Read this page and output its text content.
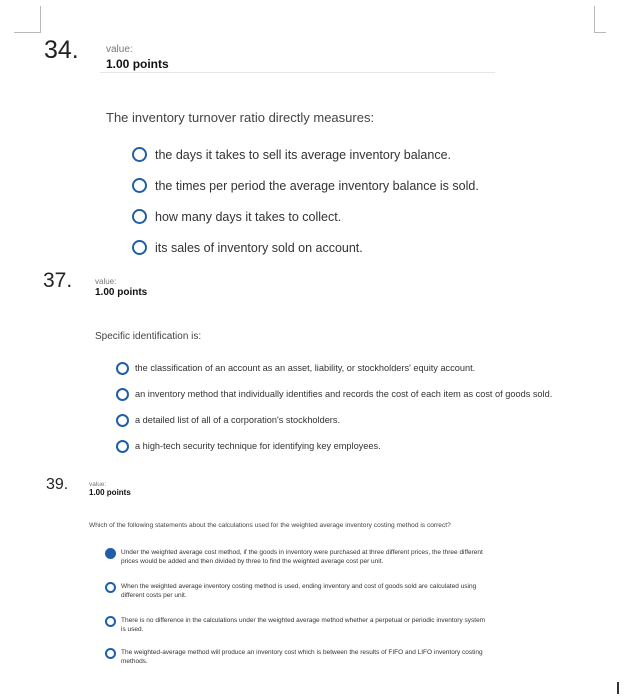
34.	value:
1.00 points
The inventory turnover ratio directly measures:
the days it takes to sell its average inventory balance.
the times per period the average inventory balance is sold.
how many days it takes to collect.
its sales of inventory sold on account.
37.	value:
1.00 points
Specific identification is:
the classification of an account as an asset, liability, or stockholders' equity account.
an inventory method that individually identifies and records the cost of each item as cost of goods sold.
a detailed list of all of a corporation's stockholders.
a high-tech security technique for identifying key employees.
39.	value:
1.00 points
Which of the following statements about the calculations used for the weighted average inventory costing method is correct?
Under the weighted average cost method, if the goods in inventory were purchased at three different prices, the three different
prices would be added and then divided by three to find the weighted average cost per unit.
When the weighted average inventory costing method is used, ending inventory and cost of goods sold are calculated using
different costs per unit.
There is no difference in the calculations under the weighted average method whether a perpetual or periodic inventory system
is used.
The weighted-average method will produce an inventory cost which is between the results of FIFO and LIFO inventory costing
methods.
